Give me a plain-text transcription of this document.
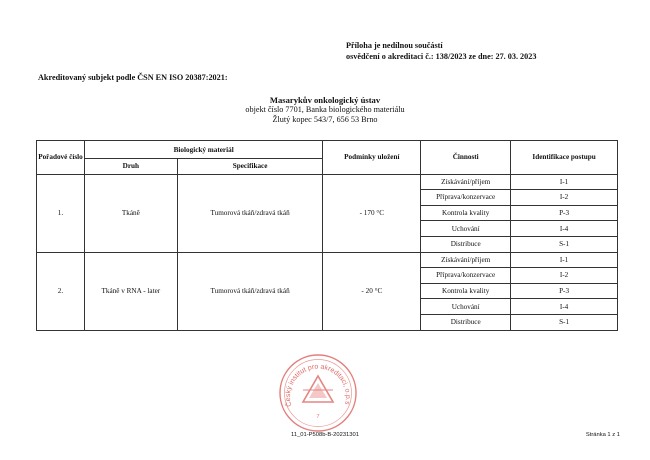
Příloha je nedílnou součástí
osvědčení o akreditaci č.: 138/2023 ze dne: 27. 03. 2023
Akreditovaný subjekt podle ČSN EN ISO 20387:2021:
Masarykův onkologický ústav
objekt číslo 7701, Banka biologického materiálu
Žlutý kopec 543/7, 656 53 Brno
Pořadové číslo	Biologický materiál		Podmínky uložení	Činnosti	Identifikace postupu
	Druh	Specifikace			
1.	Tkáně	Tumorová tkáň/zdravá tkáň	- 170 °C	Získávání/příjem	I-1
				Příprava/konzervace	I-2
				Kontrola kvality	P-3
				Uchování	I-4
				Distribuce	S-1
2.	Tkáně v RNA - later	Tumorová tkáň/zdravá tkáň	- 20 °C	Získávání/příjem	I-1
				Příprava/konzervace	I-2
				Kontrola kvality	P-3
				Uchování	I-4
				Distribuce	S-1
Český institut pro akreditaci, o.p.s
7
11_01-P508b-B-20231301	Stránka 1 z 1
